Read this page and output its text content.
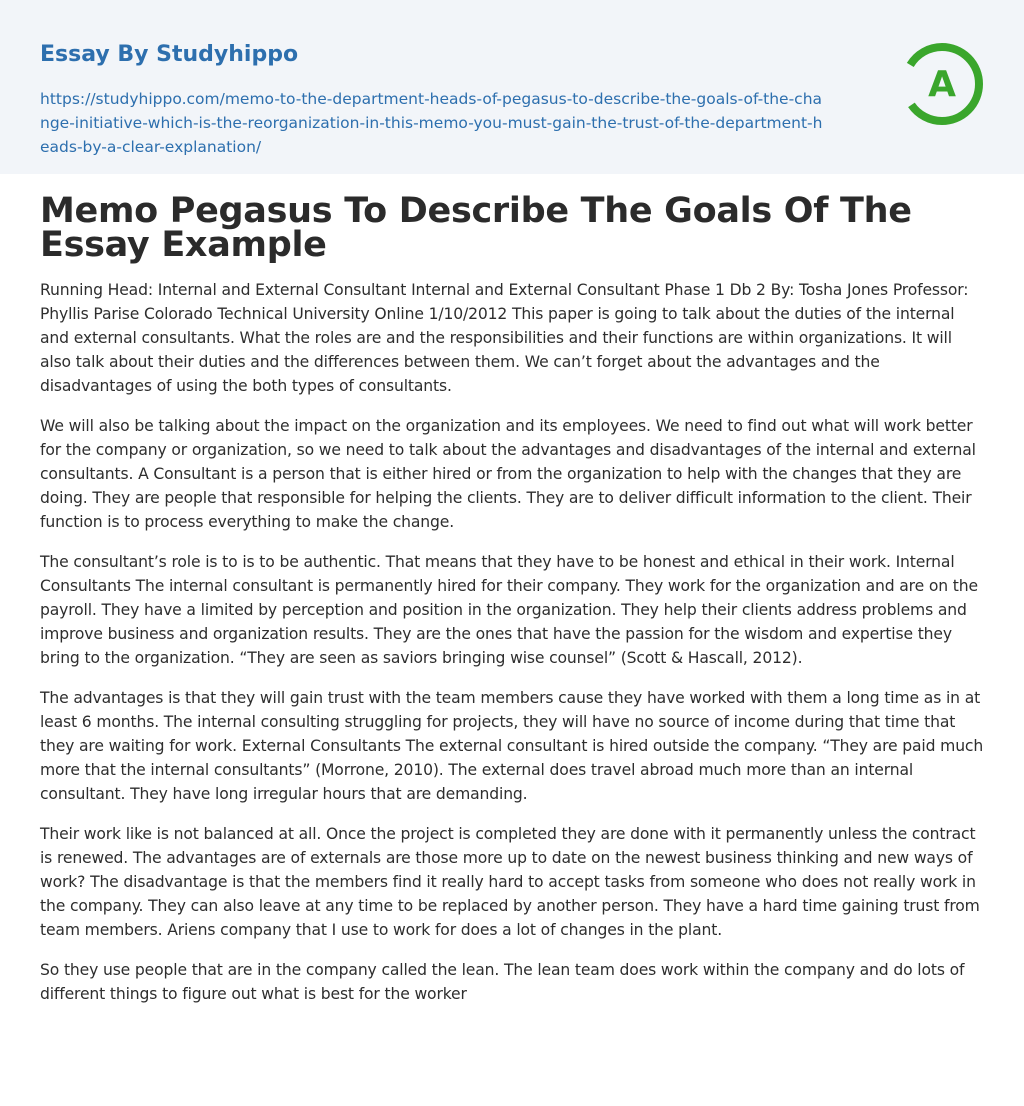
Essay By Studyhippo
https://studyhippo.com/memo-to-the-department-heads-of-pegasus-to-describe-the-goals-of-the-change-initiative-which-is-the-reorganization-in-this-memo-you-must-gain-the-trust-of-the-department-heads-by-a-clear-explanation/
A
Memo Pegasus To Describe The Goals Of The Essay Example

Running Head: Internal and External Consultant Internal and External Consultant Phase 1 Db 2 By: Tosha Jones Professor: Phyllis Parise Colorado Technical University Online 1/10/2012 This paper is going to talk about the duties of the internal and external consultants. What the roles are and the responsibilities and their functions are within organizations. It will also talk about their duties and the differences between them. We can’t forget about the advantages and the disadvantages of using the both types of consultants.

We will also be talking about the impact on the organization and its employees. We need to find out what will work better for the company or organization, so we need to talk about the advantages and disadvantages of the internal and external consultants. A Consultant is a person that is either hired or from the organization to help with the changes that they are doing. They are people that responsible for helping the clients. They are to deliver difficult information to the client. Their function is to process everything to make the change.

The consultant’s role is to is to be authentic. That means that they have to be honest and ethical in their work. Internal Consultants The internal consultant is permanently hired for their company. They work for the organization and are on the payroll. They have a limited by perception and position in the organization. They help their clients address problems and improve business and organization results. They are the ones that have the passion for the wisdom and expertise they bring to the organization. “They are seen as saviors bringing wise counsel” (Scott & Hascall, 2012).

The advantages is that they will gain trust with the team members cause they have worked with them a long time as in at least 6 months. The internal consulting struggling for projects, they will have no source of income during that time that they are waiting for work. External Consultants The external consultant is hired outside the company. “They are paid much more that the internal consultants” (Morrone, 2010). The external does travel abroad much more than an internal consultant. They have long irregular hours that are demanding.

Their work like is not balanced at all. Once the project is completed they are done with it permanently unless the contract is renewed. The advantages are of externals are those more up to date on the newest business thinking and new ways of work? The disadvantage is that the members find it really hard to accept tasks from someone who does not really work in the company. They can also leave at any time to be replaced by another person. They have a hard time gaining trust from team members. Ariens company that I use to work for does a lot of changes in the plant.

So they use people that are in the company called the lean. The lean team does work within the company and do lots of different things to figure out what is best for the worker
